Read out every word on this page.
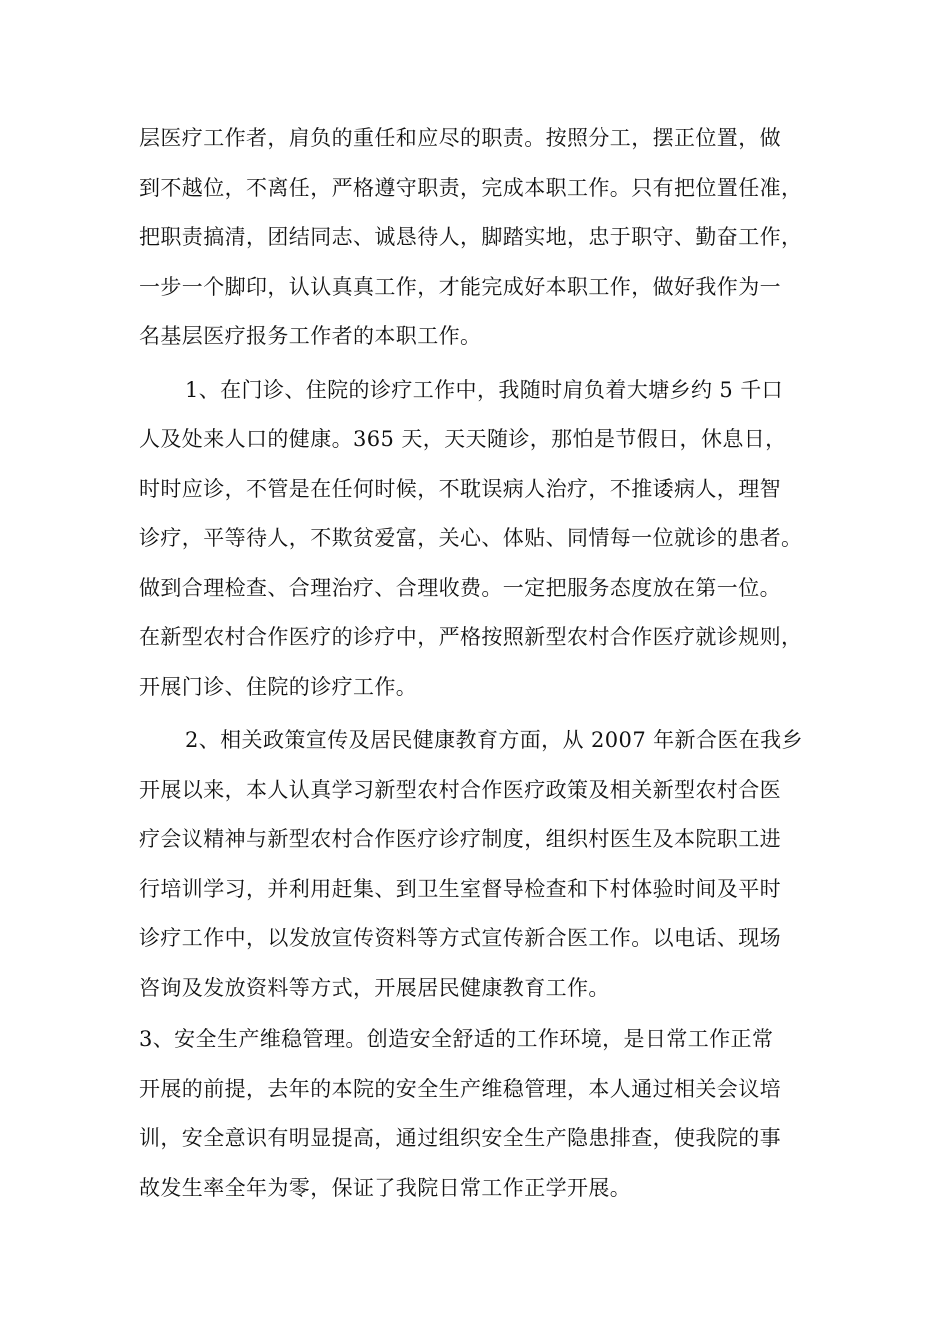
层医疗工作者，肩负的重任和应尽的职责。按照分工，摆正位置，做
到不越位，不离任，严格遵守职责，完成本职工作。只有把位置任准，
把职责搞清，团结同志、诚恳待人，脚踏实地，忠于职守、勤奋工作，
一步一个脚印，认认真真工作，才能完成好本职工作，做好我作为一
名基层医疗报务工作者的本职工作。
1、在门诊、住院的诊疗工作中，我随时肩负着大塘乡约 5 千口
人及处来人口的健康。365 天，天天随诊，那怕是节假日，休息日，
时时应诊，不管是在任何时候，不耽误病人治疗，不推诿病人，理智
诊疗，平等待人，不欺贫爱富，关心、体贴、同情每一位就诊的患者。
做到合理检查、合理治疗、合理收费。一定把服务态度放在第一位。
在新型农村合作医疗的诊疗中，严格按照新型农村合作医疗就诊规则，
开展门诊、住院的诊疗工作。
2、相关政策宣传及居民健康教育方面，从 2007 年新合医在我乡
开展以来，本人认真学习新型农村合作医疗政策及相关新型农村合医
疗会议精神与新型农村合作医疗诊疗制度，组织村医生及本院职工进
行培训学习，并利用赶集、到卫生室督导检查和下村体验时间及平时
诊疗工作中，以发放宣传资料等方式宣传新合医工作。以电话、现场
咨询及发放资料等方式，开展居民健康教育工作。
3、安全生产维稳管理。创造安全舒适的工作环境，是日常工作正常
开展的前提，去年的本院的安全生产维稳管理，本人通过相关会议培
训，安全意识有明显提高，通过组织安全生产隐患排查，使我院的事
故发生率全年为零，保证了我院日常工作正学开展。
